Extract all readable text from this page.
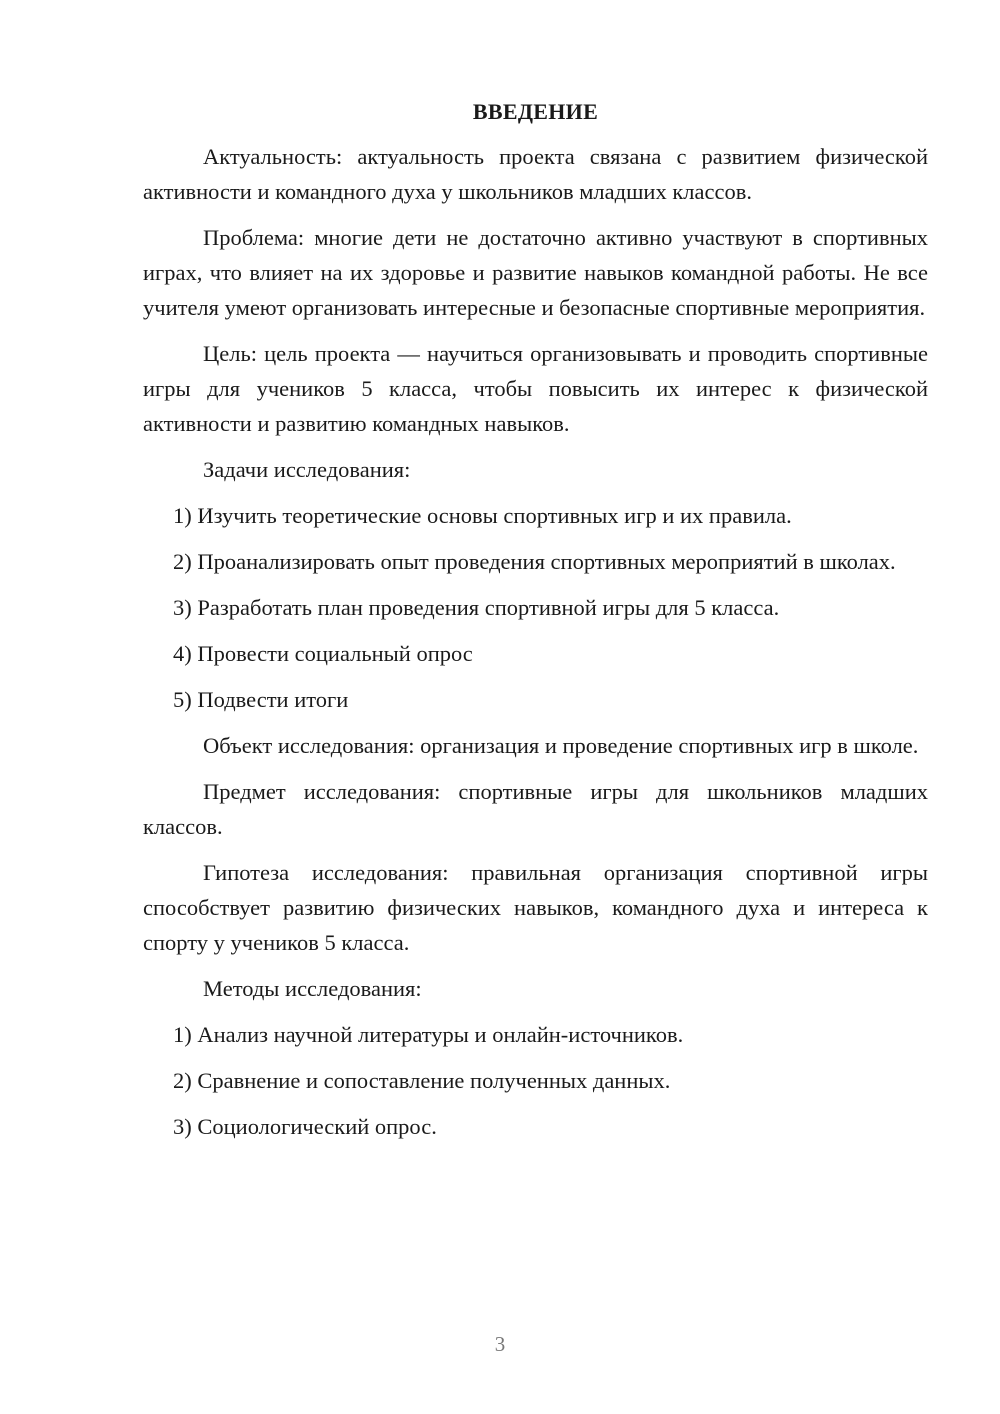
ВВЕДЕНИЕ

Актуальность: актуальность проекта связана с развитием физической активности и командного духа у школьников младших классов.

Проблема: многие дети не достаточно активно участвуют в спортивных играх, что влияет на их здоровье и развитие навыков командной работы. Не все учителя умеют организовать интересные и безопасные спортивные мероприятия.

Цель: цель проекта — научиться организовывать и проводить спортивные игры для учеников 5 класса, чтобы повысить их интерес к физической активности и развитию командных навыков.

Задачи исследования:

1) Изучить теоретические основы спортивных игр и их правила.

2) Проанализировать опыт проведения спортивных мероприятий в школах.

3) Разработать план проведения спортивной игры для 5 класса.

4) Провести социальный опрос

5) Подвести итоги

Объект исследования: организация и проведение спортивных игр в школе.

Предмет исследования: спортивные игры для школьников младших классов.

Гипотеза исследования: правильная организация спортивной игры способствует развитию физических навыков, командного духа и интереса к спорту у учеников 5 класса.

Методы исследования:

1) Анализ научной литературы и онлайн-источников.

2) Сравнение и сопоставление полученных данных.

3) Социологический опрос.

3
